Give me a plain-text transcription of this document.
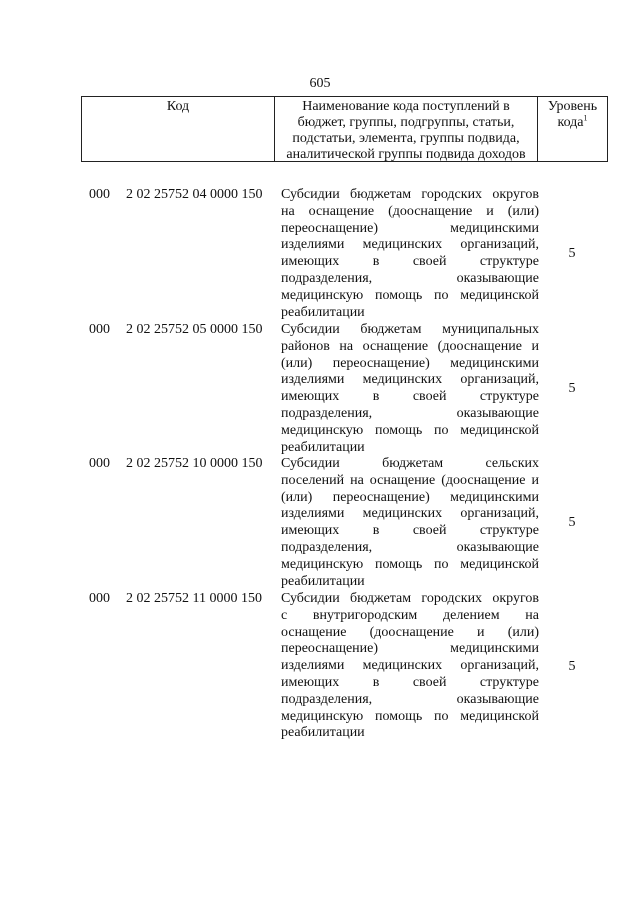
605
Код	Наименование кода поступлений в
бюджет, группы, подгруппы, статьи,
подстатьи, элемента, группы подвида,
аналитической группы подвида доходов
Уровень
кода$^1$
000 2 02 25752 04 0000 150 Субсидии бюджетам городских округов
на оснащение (дооснащение и (или)
переоснащение) медицинскими
изделиями медицинских организаций,
имеющих в своей структуре
подразделения, оказывающие
медицинскую помощь по медицинской
реабилитации
5
000 2 02 25752 05 0000 150 Субсидии бюджетам муниципальных
районов на оснащение (дооснащение и
(или) переоснащение) медицинскими
изделиями медицинских организаций,
имеющих в своей структуре
подразделения, оказывающие
медицинскую помощь по медицинской
реабилитации
5
000 2 02 25752 10 0000 150 Субсидии бюджетам сельских
поселений на оснащение (дооснащение и
(или) переоснащение) медицинскими
изделиями медицинских организаций,
имеющих в своей структуре
подразделения, оказывающие
медицинскую помощь по медицинской
реабилитации
5
000 2 02 25752 11 0000 150 Субсидии бюджетам городских округов
с внутригородским делением на
оснащение (дооснащение и (или)
переоснащение) медицинскими
изделиями медицинских организаций,
имеющих в своей структуре
подразделения, оказывающие
медицинскую помощь по медицинской
реабилитации
5
